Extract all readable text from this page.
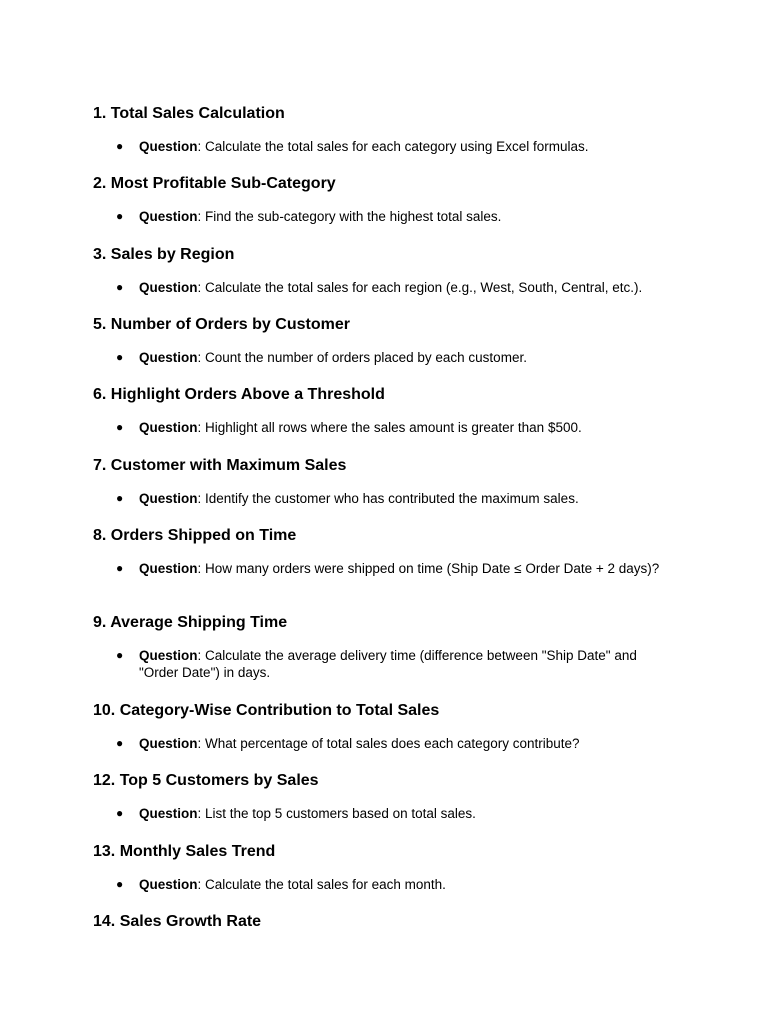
1. Total Sales Calculation
● Question: Calculate the total sales for each category using Excel formulas.
2. Most Profitable Sub-Category
● Question: Find the sub-category with the highest total sales.
3. Sales by Region
● Question: Calculate the total sales for each region (e.g., West, South, Central, etc.).
5. Number of Orders by Customer
● Question: Count the number of orders placed by each customer.
6. Highlight Orders Above a Threshold
● Question: Highlight all rows where the sales amount is greater than $500.
7. Customer with Maximum Sales
● Question: Identify the customer who has contributed the maximum sales.
8. Orders Shipped on Time
● Question: How many orders were shipped on time (Ship Date ≤ Order Date + 2 days)?
9. Average Shipping Time
● Question: Calculate the average delivery time (difference between "Ship Date" and "Order Date") in days.
10. Category-Wise Contribution to Total Sales
● Question: What percentage of total sales does each category contribute?
12. Top 5 Customers by Sales
● Question: List the top 5 customers based on total sales.
13. Monthly Sales Trend
● Question: Calculate the total sales for each month.
14. Sales Growth Rate
